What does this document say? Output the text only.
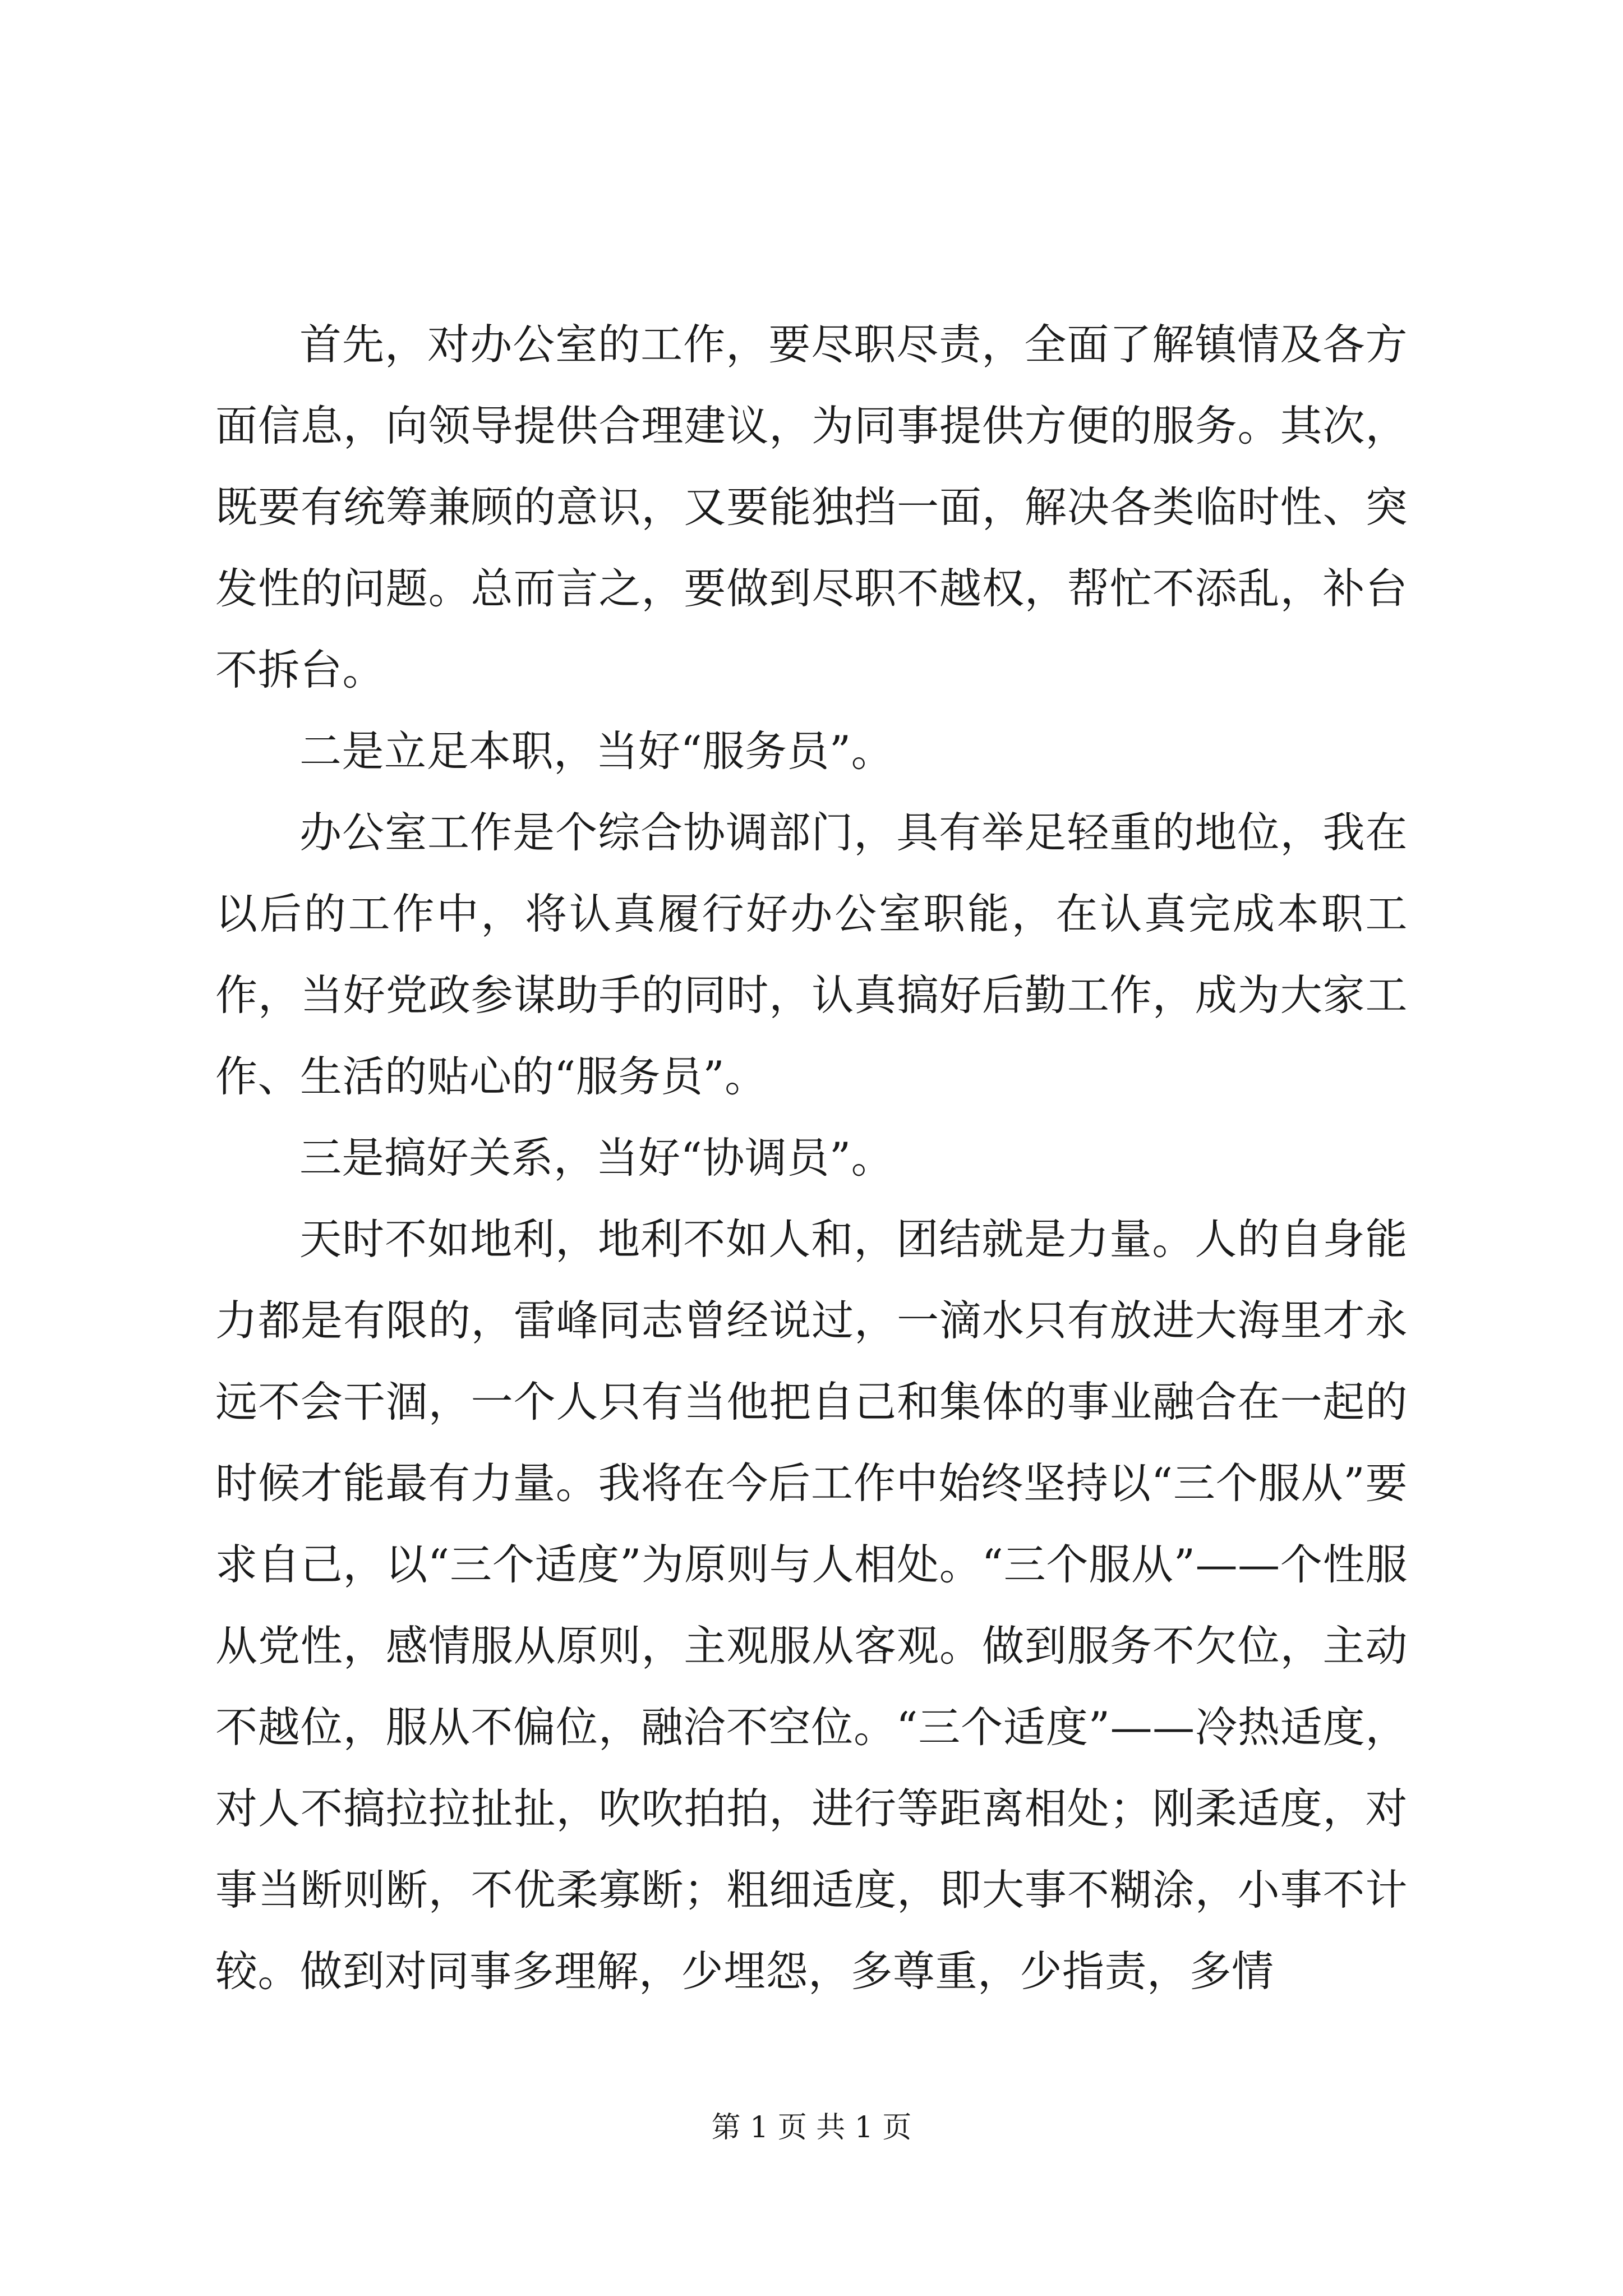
首先，对办公室的工作，要尽职尽责，全面了解镇情及各方面信息，向领导提供合理建议，为同事提供方便的服务。其次，既要有统筹兼顾的意识，又要能独挡一面，解决各类临时性、突发性的问题。总而言之，要做到尽职不越权，帮忙不添乱，补台不拆台。

二是立足本职，当好“服务员”。

办公室工作是个综合协调部门，具有举足轻重的地位，我在以后的工作中，将认真履行好办公室职能，在认真完成本职工作，当好党政参谋助手的同时，认真搞好后勤工作，成为大家工作、生活的贴心的“服务员”。

三是搞好关系，当好“协调员”。

天时不如地利，地利不如人和，团结就是力量。人的自身能力都是有限的，雷峰同志曾经说过，一滴水只有放进大海里才永远不会干涸，一个人只有当他把自己和集体的事业融合在一起的时候才能最有力量。我将在今后工作中始终坚持以“三个服从”要求自己，以“三个适度”为原则与人相处。“三个服从”——个性服从党性，感情服从原则，主观服从客观。做到服务不欠位，主动不越位，服从不偏位，融洽不空位。“三个适度”——冷热适度，对人不搞拉拉扯扯，吹吹拍拍，进行等距离相处；刚柔适度，对事当断则断，不优柔寡断；粗细适度，即大事不糊涂，小事不计较。做到对同事多理解，少埋怨，多尊重，少指责，多情

第 1 页 共 1 页
